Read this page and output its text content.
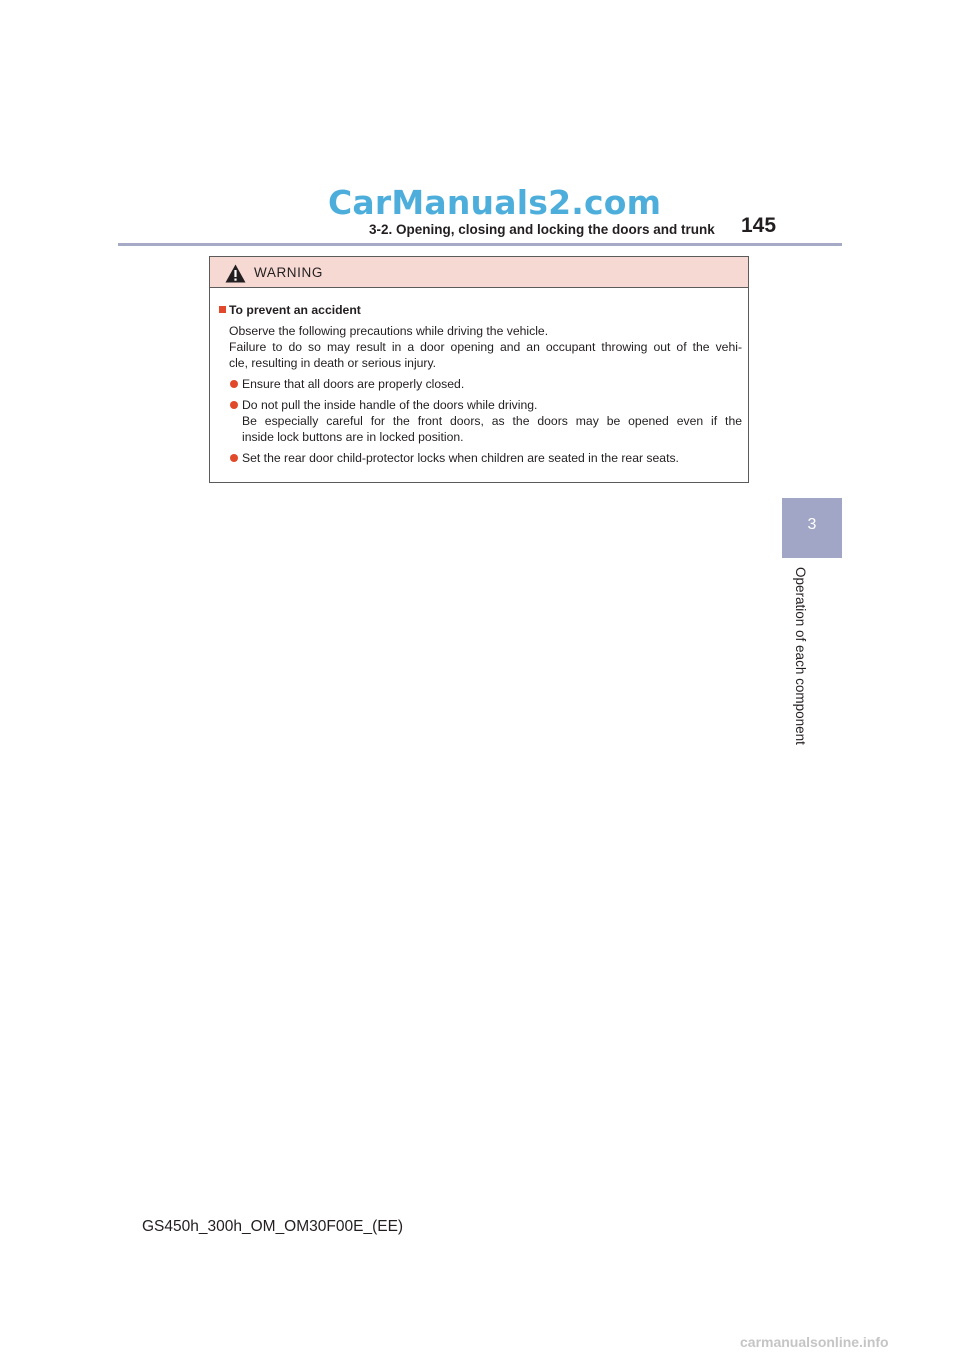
CarManuals2.com
3-2. Opening, closing and locking the doors and trunk 145
3
Operation of each component
WARNING
To prevent an accident
Observe the following precautions while driving the vehicle.
Failure to do so may result in a door opening and an occupant throwing out of the vehi-
cle, resulting in death or serious injury.
Ensure that all doors are properly closed.
Do not pull the inside handle of the doors while driving.
Be especially careful for the front doors, as the doors may be opened even if the
inside lock buttons are in locked position.
Set the rear door child-protector locks when children are seated in the rear seats.
GS450h_300h_OM_OM30F00E_(EE)
carmanualsonline.info
